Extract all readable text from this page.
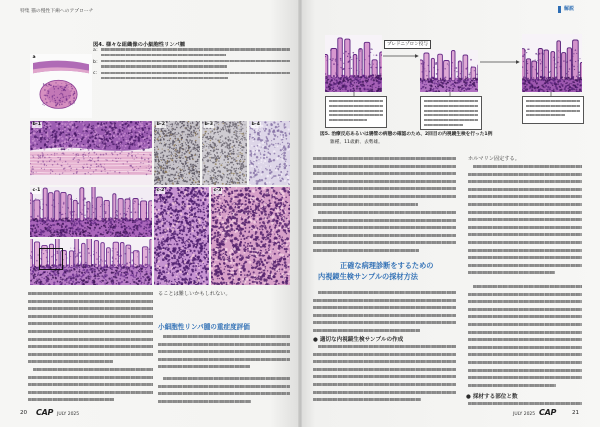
特集 猫の慢性下痢へのアプローチ	解説
図4. 様々な組織像の小細胞性リンパ腫
a：
b：
c：
a
b-1	b-2	b-3	b-4
c-1	c-2	c-3
ることは難しいかもしれない。
小細胞性リンパ腫の重症度評価
プレドニゾロン投与
図5. 治療反応あるいは腸管の病態の確認のため、2回目の内視鏡生検を行った1例
雑種、11歳齢、去勢雄。
正確な病理診断をするための
内視鏡生検サンプルの採材方法
● 適切な内視鏡生検サンプルの作成
ホルマリン固定する。
● 採材する部位と数
20 CAP JULY 2025	JULY 2025 CAP	21
